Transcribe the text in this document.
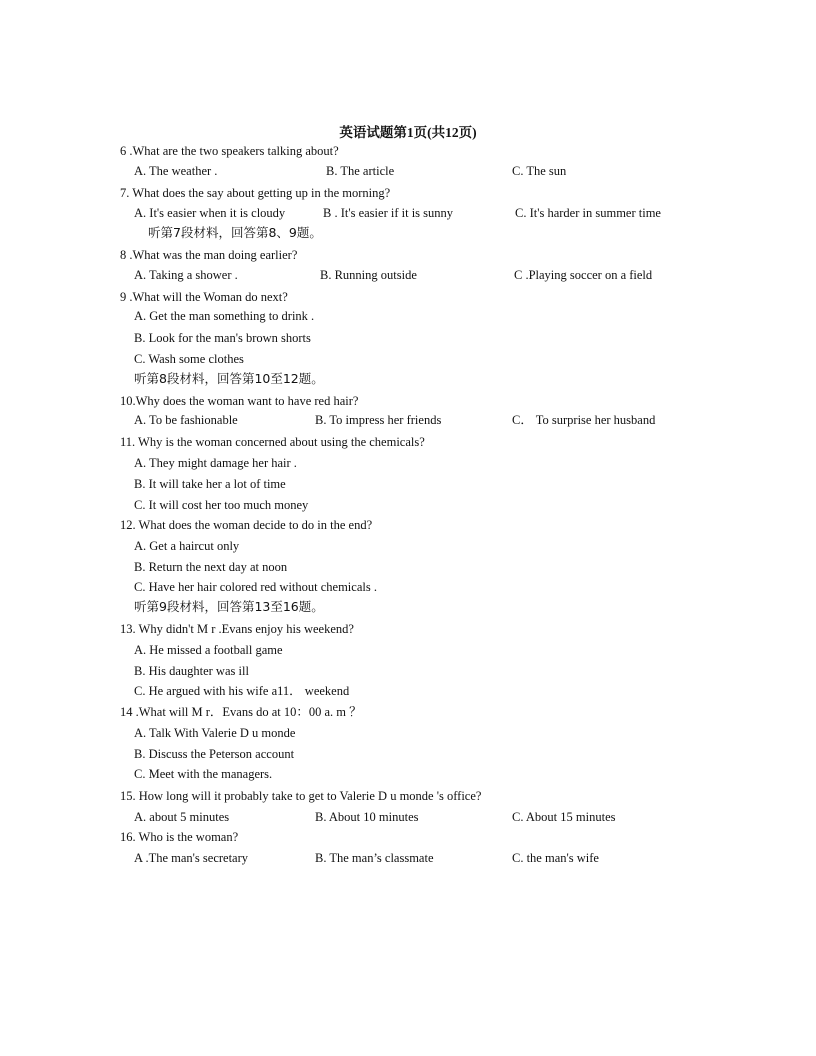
英语试题第1页(共12页)
6 .What are the two speakers talking about?
A. The weather .	B. The article	C. The sun
7. What does the say about getting up in the morning?
A. It's easier when it is cloudy	B . It's easier if it is sunny	C. It's harder in summer time
听第7段材料，回答第8、9题。
8 .What was the man doing earlier?
A. Taking a shower .	B. Running outside	C .Playing soccer on a field
9 .What will the Woman do next?
A. Get the man something to drink .
B. Look for the man's brown shorts
C. Wash some clothes
听第8段材料，回答第10至12题。
10.Why does the woman want to have red hair?
A. To be fashionable	B. To impress her friends	C． To surprise her husband
11. Why is the woman concerned about using the chemicals?
A. They might damage her hair .
B. It will take her a lot of time
C. It will cost her too much money
12. What does the woman decide to do in the end?
A. Get a haircut only
B. Return the next day at noon
C. Have her hair colored red without chemicals .
听第9段材料，回答第13至16题。
13. Why didn't M r .Evans enjoy his weekend?
A. He missed a football game
B. His daughter was ill
C. He argued with his wife a11． weekend
14 .What will M r．Evans do at 10：00 a. m ？
A. Talk With Valerie D u monde
B. Discuss the Peterson account
C. Meet with the managers.
15. How long will it probably take to get to Valerie D u monde 's office?
A. about 5 minutes	B. About 10 minutes	C. About 15 minutes
16. Who is the woman?
A .The man's secretary	B. The man’s classmate	C. the man's wife
